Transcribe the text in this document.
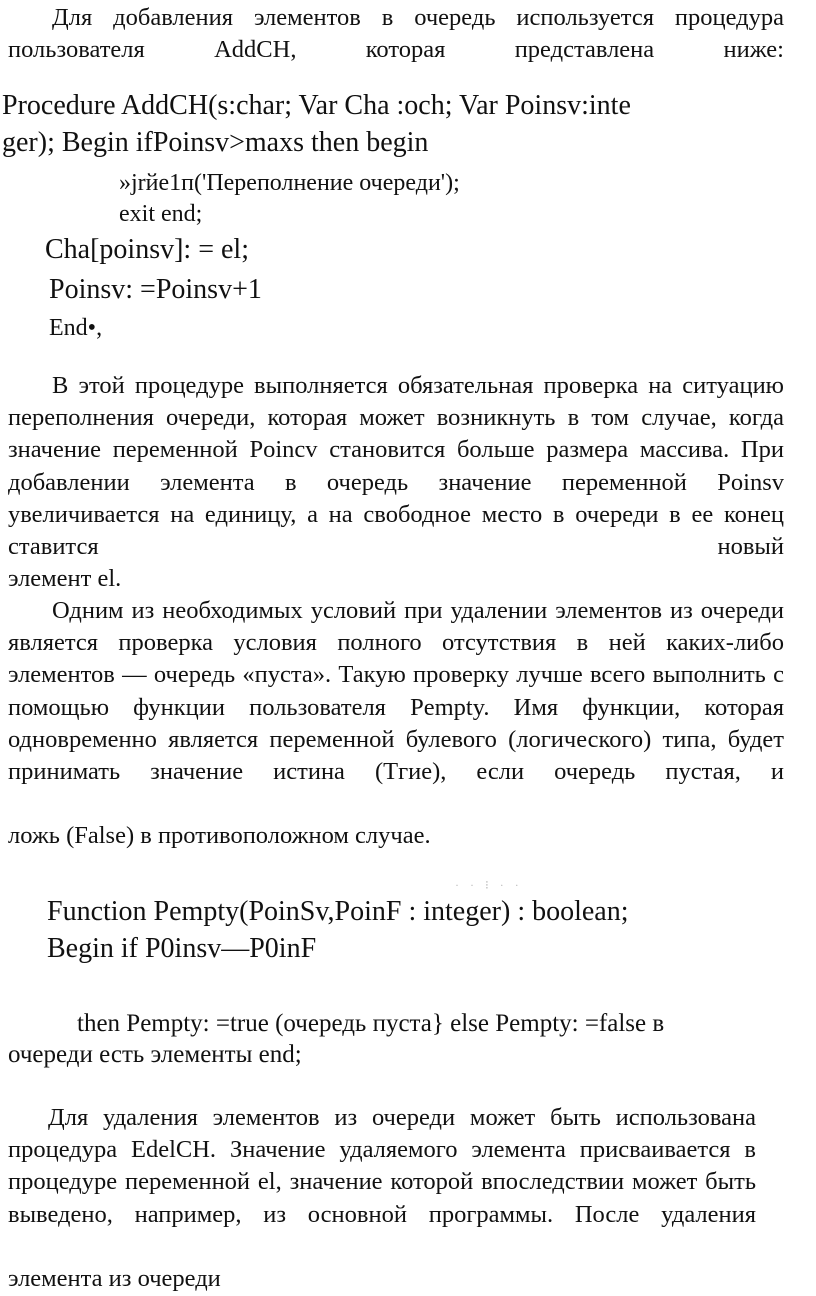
Для добавления элементов в очередь используется процедура пользователя AddCH, которая представлена ниже:

Procedure AddCH(s:char; Var Cha :och; Var Poinsv:inte
ger); Begin ifPoinsv>maxs then begin
»jrйe1п('Переполнение очереди');
exit end;
Cha[poinsv]: = el;
Poinsv: =Poinsv+1
End•,

В этой процедуре выполняется обязательная проверка на ситуацию переполнения очереди, которая может возникнуть в том случае, когда значение переменной Poincv становится больше размера массива. При добавлении элемента в очередь значение переменной Poinsv увеличивается на единицу, а на свободное место в очереди в ее конец ставится новый

элемент el.

Одним из необходимых условий при удалении элементов из очереди является проверка условия полного отсутствия в ней каких-либо элементов — очередь «пуста». Такую проверку лучше всего выполнить с помощью функции пользователя Pempty. Имя функции, которая одновременно является переменной булевого (логического) типа, будет принимать значение истина (Tгие), если очередь пустая, и

ложь (False) в противоположном случае.
· · ⁝ · ·
Function Pempty(PoinSv,PoinF : integer) : boolean;
Begin if P0insv—P0inF
then Pempty: =true (очередь пуста} else Pempty: =false в
очереди есть элементы end;

Для удаления элементов из очереди может быть использована процедура EdelCH. Значение удаляемого элемента присваивается в процедуре переменной el, значение которой впоследствии может быть выведено, например, из основной программы. После удаления

элемента из очереди
